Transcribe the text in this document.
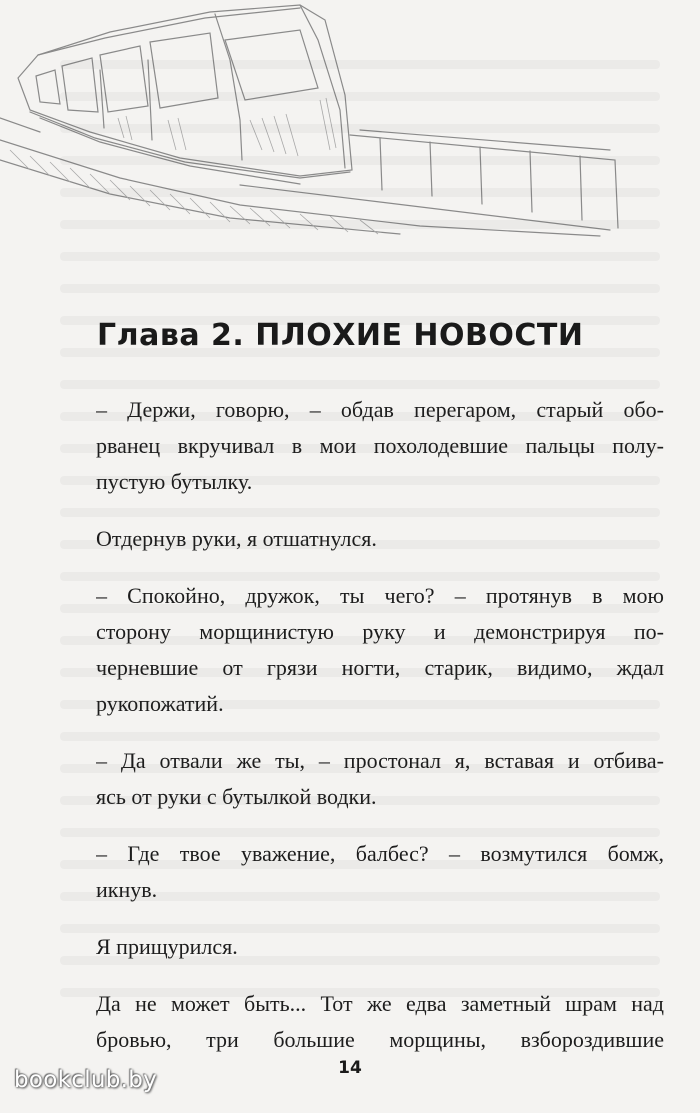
Глава 2. ПЛОХИЕ НОВОСТИ
– Держи, говорю, – обдав перегаром, старый обо-
рванец вкручивал в мои похолодевшие пальцы полу-
пустую бутылку.
Отдернув руки, я отшатнулся.
– Спокойно, дружок, ты чего? – протянув в мою
сторону морщинистую руку и демонстрируя по-
черневшие от грязи ногти, старик, видимо, ждал
рукопожатий.
– Да отвали же ты, – простонал я, вставая и отбива-
ясь от руки с бутылкой водки.
– Где твое уважение, балбес? – возмутился бомж,
икнув.
Я прищурился.
Да не может быть... Тот же едва заметный шрам над
бровью, три большие морщины, взбороздившие
14
bookclub.by
